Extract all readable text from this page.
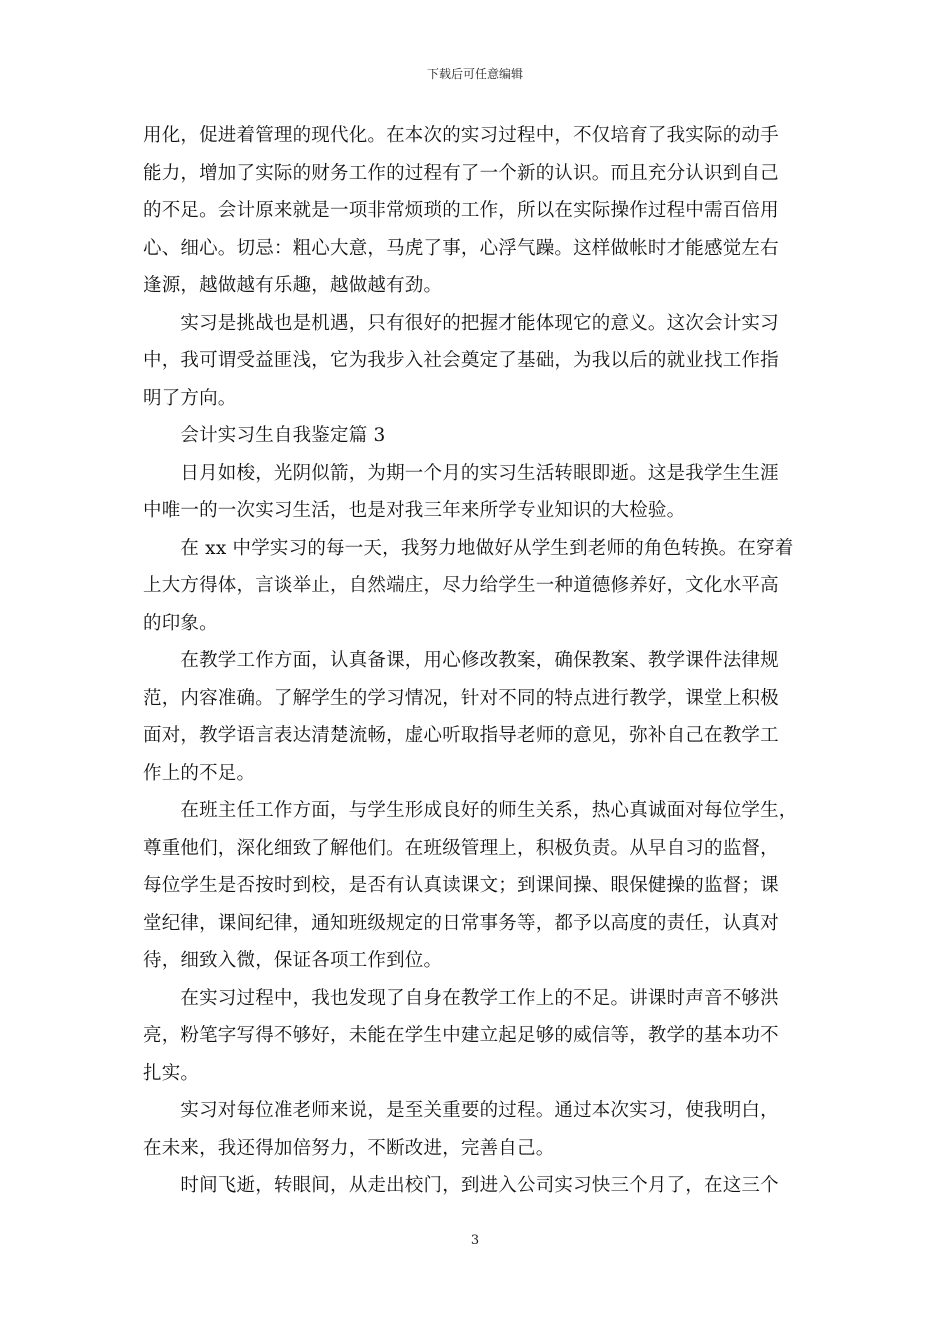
下载后可任意编辑
用化，促进着管理的现代化。在本次的实习过程中，不仅培育了我实际的动手
能力，增加了实际的财务工作的过程有了一个新的认识。而且充分认识到自己
的不足。会计原来就是一项非常烦琐的工作，所以在实际操作过程中需百倍用
心、细心。切忌：粗心大意，马虎了事，心浮气躁。这样做帐时才能感觉左右
逢源，越做越有乐趣，越做越有劲。
　　实习是挑战也是机遇，只有很好的把握才能体现它的意义。这次会计实习
中，我可谓受益匪浅，它为我步入社会奠定了基础，为我以后的就业找工作指
明了方向。
　　会计实习生自我鉴定篇 3
　　日月如梭，光阴似箭，为期一个月的实习生活转眼即逝。这是我学生生涯
中唯一的一次实习生活，也是对我三年来所学专业知识的大检验。
　　在 xx 中学实习的每一天，我努力地做好从学生到老师的角色转换。在穿着
上大方得体，言谈举止，自然端庄，尽力给学生一种道德修养好，文化水平高
的印象。
　　在教学工作方面，认真备课，用心修改教案，确保教案、教学课件法律规
范，内容准确。了解学生的学习情况，针对不同的特点进行教学，课堂上积极
面对，教学语言表达清楚流畅，虚心听取指导老师的意见，弥补自己在教学工
作上的不足。
　　在班主任工作方面，与学生形成良好的师生关系，热心真诚面对每位学生，
尊重他们，深化细致了解他们。在班级管理上，积极负责。从早自习的监督，
每位学生是否按时到校，是否有认真读课文；到课间操、眼保健操的监督；课
堂纪律，课间纪律，通知班级规定的日常事务等，都予以高度的责任，认真对
待，细致入微，保证各项工作到位。
　　在实习过程中，我也发现了自身在教学工作上的不足。讲课时声音不够洪
亮，粉笔字写得不够好，未能在学生中建立起足够的威信等，教学的基本功不
扎实。
　　实习对每位准老师来说，是至关重要的过程。通过本次实习，使我明白，
在未来，我还得加倍努力，不断改进，完善自己。
　　时间飞逝，转眼间，从走出校门，到进入公司实习快三个月了，在这三个
3
